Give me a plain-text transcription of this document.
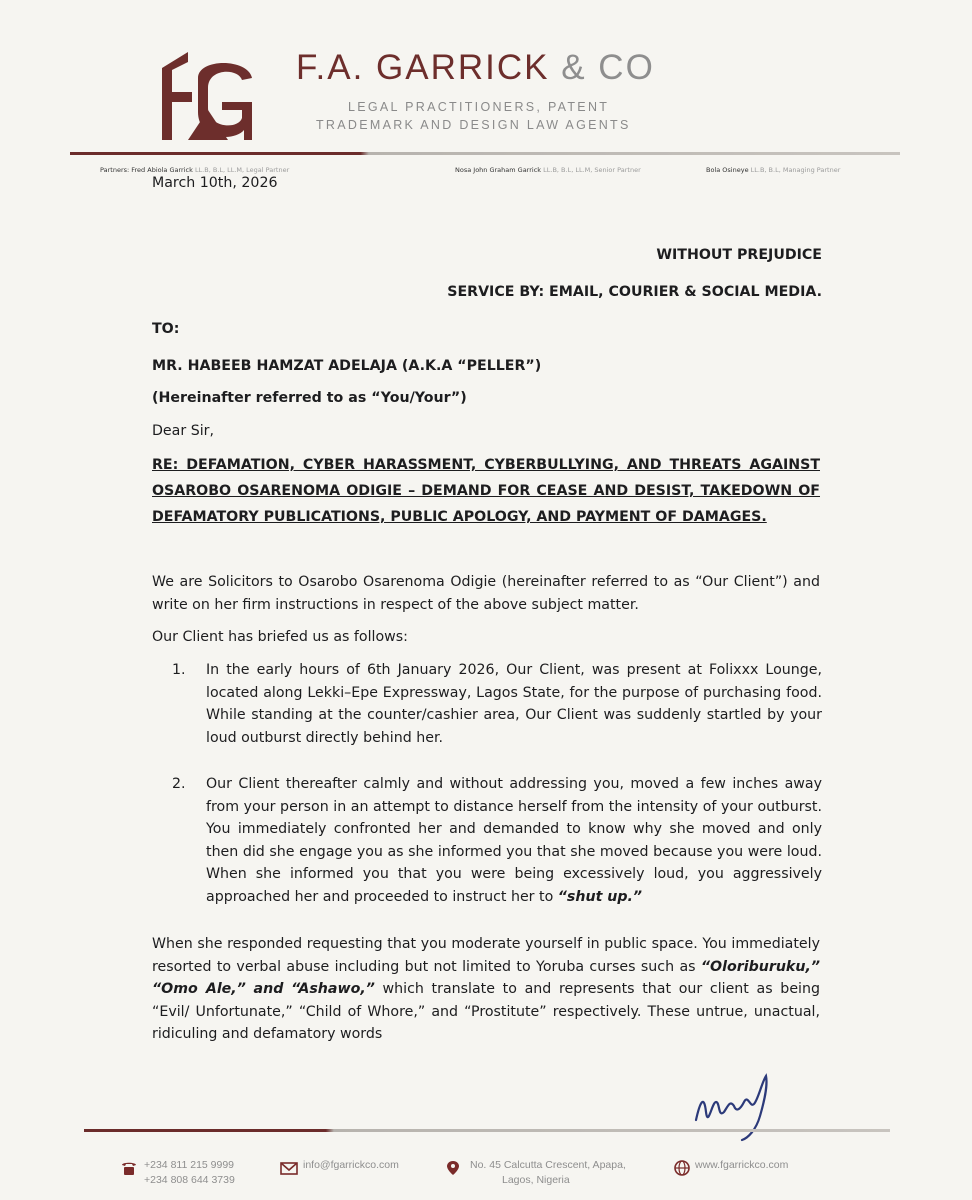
F.A. GARRICK & CO
LEGAL PRACTITIONERS, PATENT
TRADEMARK AND DESIGN LAW AGENTS
Partners: Fred Abiola Garrick LL.B, B.L, LL.M, Legal Partner	Nosa John Graham Garrick LL.B, B.L, LL.M, Senior Partner	Bola Osineye LL.B, B.L, Managing Partner
March 10th, 2026
WITHOUT PREJUDICE
SERVICE BY: EMAIL, COURIER & SOCIAL MEDIA.
TO:
MR. HABEEB HAMZAT ADELAJA (A.K.A “PELLER”)
(Hereinafter referred to as “You/Your”)
Dear Sir,
RE: DEFAMATION, CYBER HARASSMENT, CYBERBULLYING, AND THREATS AGAINST OSAROBO OSARENOMA ODIGIE – DEMAND FOR CEASE AND DESIST, TAKEDOWN OF DEFAMATORY PUBLICATIONS, PUBLIC APOLOGY, AND PAYMENT OF DAMAGES.
We are Solicitors to Osarobo Osarenoma Odigie (hereinafter referred to as “Our Client”) and write on her firm instructions in respect of the above subject matter.
Our Client has briefed us as follows:
1. In the early hours of 6th January 2026, Our Client, was present at Folixxx Lounge, located along Lekki–Epe Expressway, Lagos State, for the purpose of purchasing food. While standing at the counter/cashier area, Our Client was suddenly startled by your loud outburst directly behind her.
2. Our Client thereafter calmly and without addressing you, moved a few inches away from your person in an attempt to distance herself from the intensity of your outburst. You immediately confronted her and demanded to know why she moved and only then did she engage you as she informed you that she moved because you were loud. When she informed you that you were being excessively loud, you aggressively approached her and proceeded to instruct her to “shut up.”
When she responded requesting that you moderate yourself in public space. You immediately resorted to verbal abuse including but not limited to Yoruba curses such as “Oloriburuku,” “Omo Ale,” and “Ashawo,” which translate to and represents that our client as being “Evil/ Unfortunate,” “Child of Whore,” and “Prostitute” respectively. These untrue, unactual, ridiculing and defamatory words
+234 811 215 9999
+234 808 644 3739
info@fgarrickco.com	No. 45 Calcutta Crescent, Apapa,
Lagos, Nigeria
www.fgarrickco.com
